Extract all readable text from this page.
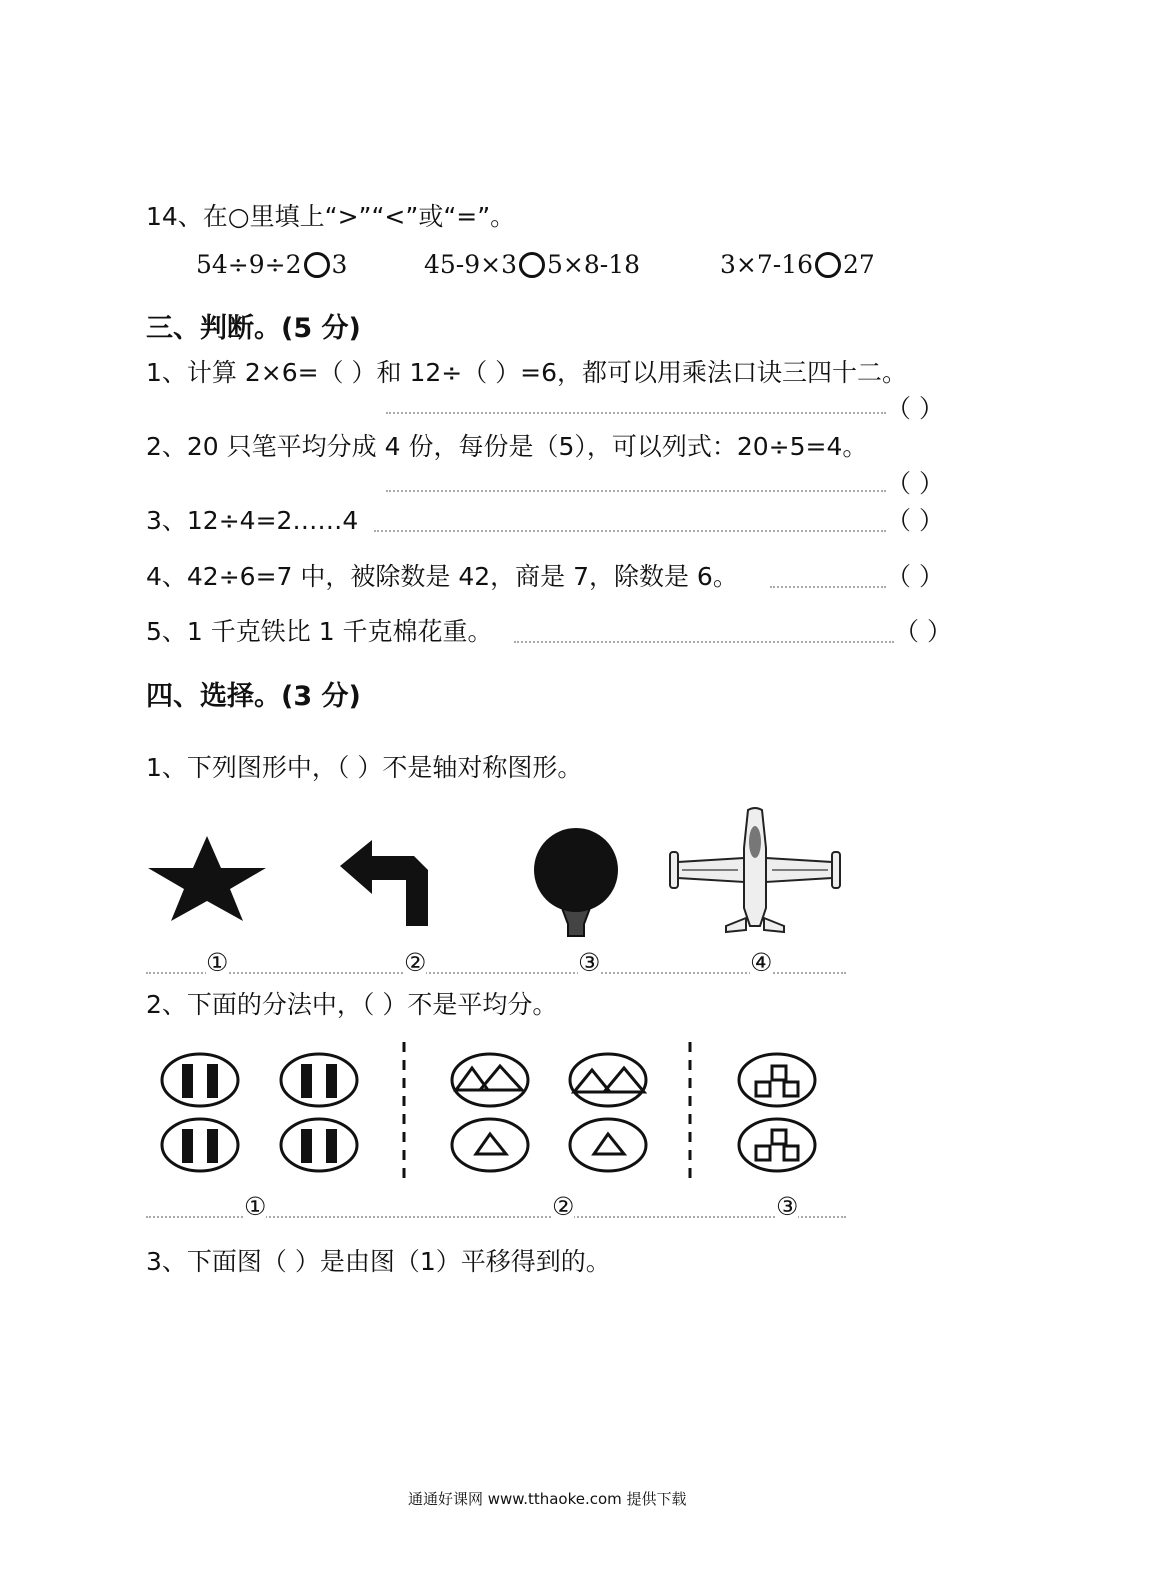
14、在○里填上“>”“<”或“=”。
54÷9÷2 3	45-9×3 5×8-18	3×7-16 27
三、判断。(5 分)
1、计算 2×6=（ ）和 12÷（ ）=6，都可以用乘法口诀三四十二。
（ ）
2、20 只笔平均分成 4 份，每份是（5），可以列式：20÷5=4。
（ ）
3、12÷4=2……4	（ ）
4、42÷6=7 中，被除数是 42，商是 7，除数是 6。	（ ）
5、1 千克铁比 1 千克棉花重。	（ ）
四、选择。(3 分)
1、下列图形中，（ ）不是轴对称图形。
①	②	③	④
2、下面的分法中，（ ）不是平均分。
①	②	③
3、下面图（ ）是由图（1）平移得到的。
通通好课网 www.tthaoke.com 提供下载
